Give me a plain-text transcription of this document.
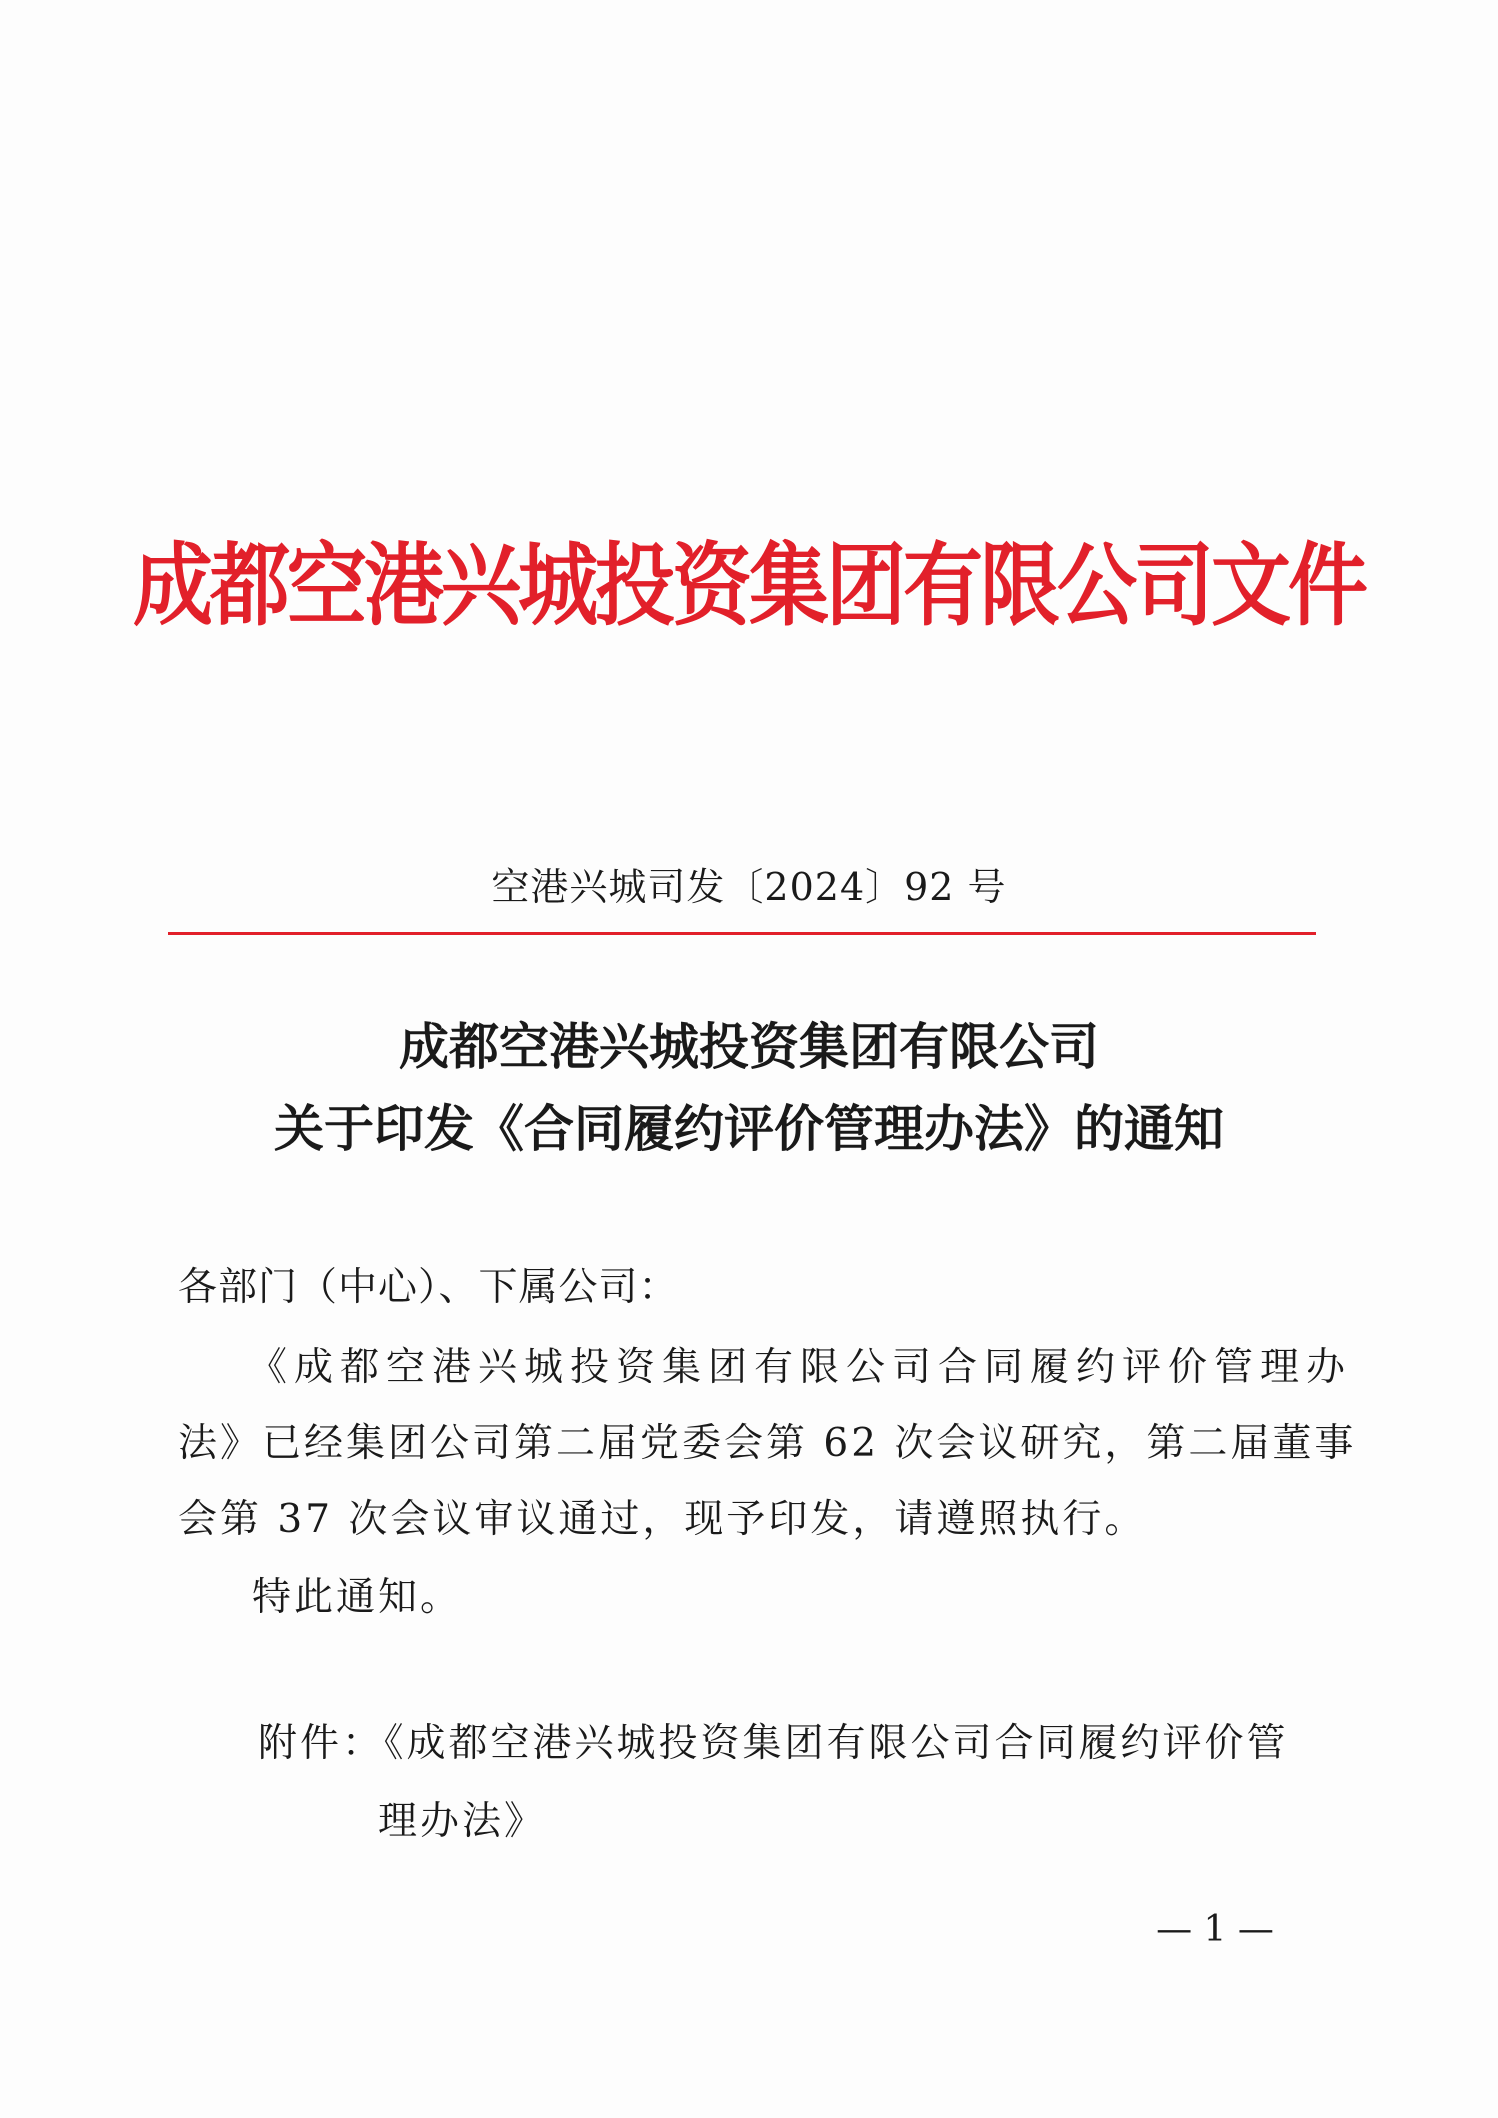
成都空港兴城投资集团有限公司文件
空港兴城司发〔2024〕92 号
成都空港兴城投资集团有限公司
关于印发《合同履约评价管理办法》的通知
各部门（中心）、下属公司：
《成都空港兴城投资集团有限公司合同履约评价管理办
法》已经集团公司第二届党委会第 62 次会议研究，第二届董事
会第 37 次会议审议通过，现予印发，请遵照执行。
特此通知。
附件：《成都空港兴城投资集团有限公司合同履约评价管
理办法》
— 1 —
